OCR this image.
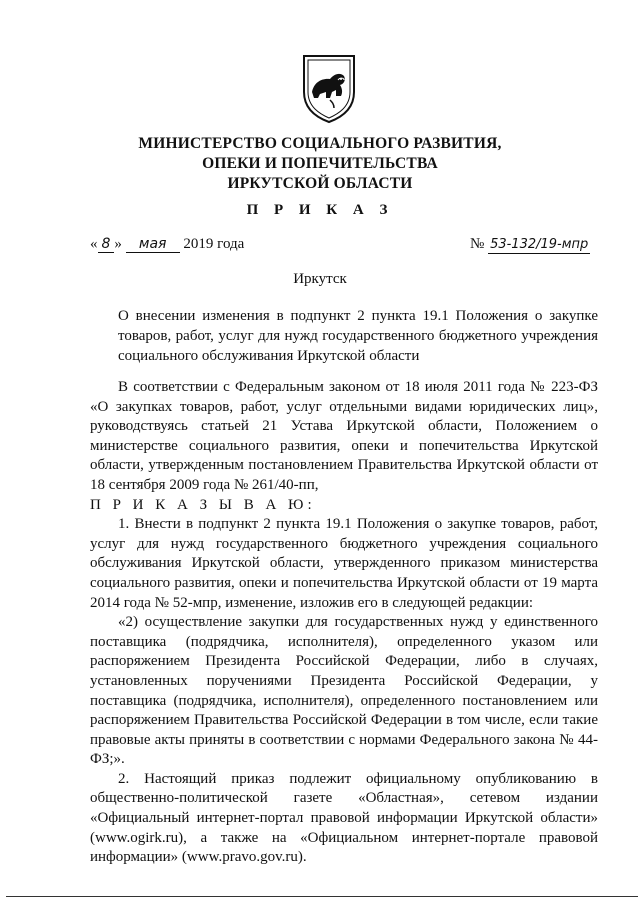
МИНИСТЕРСТВО СОЦИАЛЬНОГО РАЗВИТИЯ,
ОПЕКИ И ПОПЕЧИТЕЛЬСТВА
ИРКУТСКОЙ ОБЛАСТИ
П Р И К А З
« 8 » мая 2019 года	№ 53-132/19-мпр
Иркутск
О внесении изменения в подпункт 2 пункта 19.1 Положения о закупке товаров, работ, услуг для нужд государственного бюджетного учреждения социального обслуживания Иркутской области

В соответствии с Федеральным законом от 18 июля 2011 года № 223-ФЗ «О закупках товаров, работ, услуг отдельными видами юридических лиц», руководствуясь статьей 21 Устава Иркутской области, Положением о министерстве социального развития, опеки и попечительства Иркутской области, утвержденным постановлением Правительства Иркутской области от 18 сентября 2009 года № 261/40-пп,

П Р И К А З Ы В А Ю:

1. Внести в подпункт 2 пункта 19.1 Положения о закупке товаров, работ, услуг для нужд государственного бюджетного учреждения социального обслуживания Иркутской области, утвержденного приказом министерства социального развития, опеки и попечительства Иркутской области от 19 марта 2014 года № 52-мпр, изменение, изложив его в следующей редакции:

«2) осуществление закупки для государственных нужд у единственного поставщика (подрядчика, исполнителя), определенного указом или распоряжением Президента Российской Федерации, либо в случаях, установленных поручениями Президента Российской Федерации, у поставщика (подрядчика, исполнителя), определенного постановлением или распоряжением Правительства Российской Федерации в том числе, если такие правовые акты приняты в соответствии с нормами Федерального закона № 44-ФЗ;».

2. Настоящий приказ подлежит официальному опубликованию в общественно-политической газете «Областная», сетевом издании «Официальный интернет-портал правовой информации Иркутской области» (www.ogirk.ru), а также на «Официальном интернет-портале правовой информации» (www.pravo.gov.ru).
